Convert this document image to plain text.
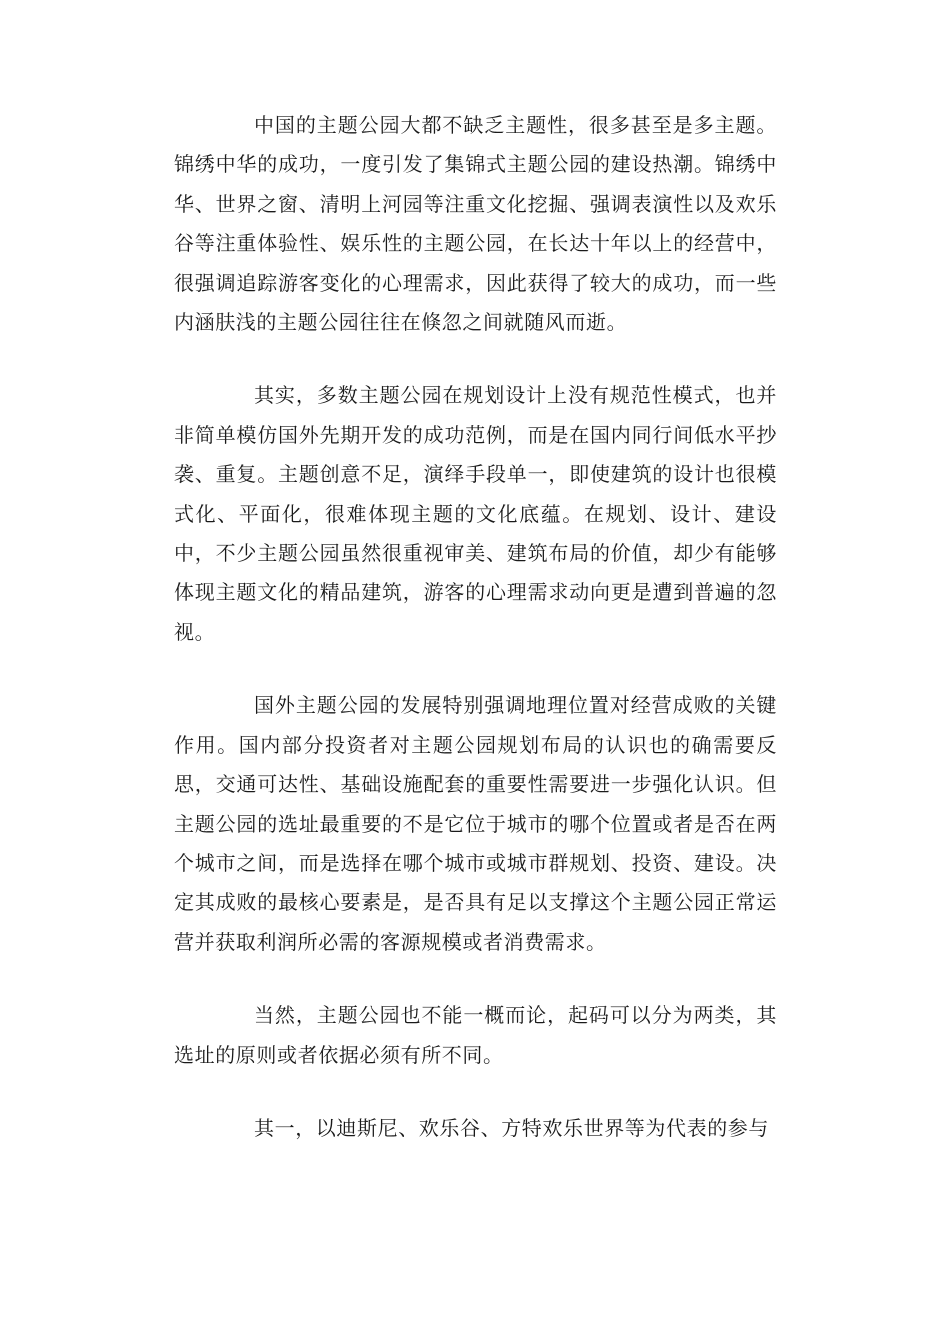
中国的主题公园大都不缺乏主题性，很多甚至是多主题。锦绣中华的成功，一度引发了集锦式主题公园的建设热潮。锦绣中华、世界之窗、清明上河园等注重文化挖掘、强调表演性以及欢乐谷等注重体验性、娱乐性的主题公园，在长达十年以上的经营中，很强调追踪游客变化的心理需求，因此获得了较大的成功，而一些内涵肤浅的主题公园往往在倏忽之间就随风而逝。

其实，多数主题公园在规划设计上没有规范性模式，也并非简单模仿国外先期开发的成功范例，而是在国内同行间低水平抄袭、重复。主题创意不足，演绎手段单一，即使建筑的设计也很模式化、平面化，很难体现主题的文化底蕴。在规划、设计、建设中，不少主题公园虽然很重视审美、建筑布局的价值，却少有能够体现主题文化的精品建筑，游客的心理需求动向更是遭到普遍的忽视。

国外主题公园的发展特别强调地理位置对经营成败的关键作用。国内部分投资者对主题公园规划布局的认识也的确需要反思，交通可达性、基础设施配套的重要性需要进一步强化认识。但主题公园的选址最重要的不是它位于城市的哪个位置或者是否在两个城市之间，而是选择在哪个城市或城市群规划、投资、建设。决定其成败的最核心要素是，是否具有足以支撑这个主题公园正常运营并获取利润所必需的客源规模或者消费需求。

当然，主题公园也不能一概而论，起码可以分为两类，其选址的原则或者依据必须有所不同。

其一，以迪斯尼、欢乐谷、方特欢乐世界等为代表的参与
